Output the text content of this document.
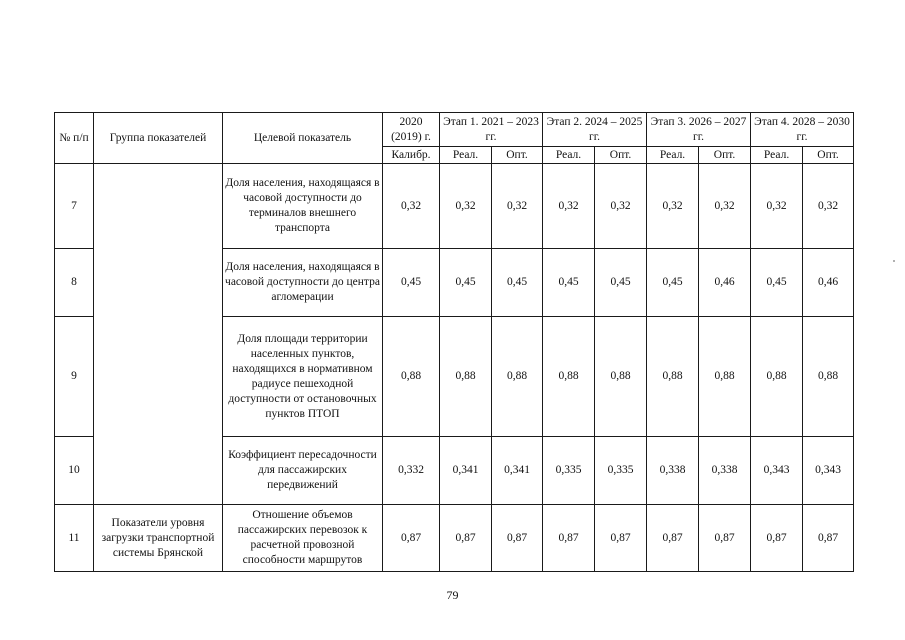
№ п/п	Группа показателей	Целевой показатель	2020 (2019) г.	Этап 1. 2021 – 2023 гг.		Этап 2. 2024 – 2025 гг.		Этап 3. 2026 – 2027 гг.		Этап 4. 2028 – 2030 гг.	
			Калибр.	Реал.	Опт.	Реал.	Опт.	Реал.	Опт.	Реал.	Опт.
7		Доля населения, находящаяся в часовой доступности до терминалов внешнего транспорта	0,32	0,32	0,32	0,32	0,32	0,32	0,32	0,32	0,32
8		Доля населения, находящаяся в часовой доступности до центра агломерации	0,45	0,45	0,45	0,45	0,45	0,45	0,46	0,45	0,46
9		Доля площади территории населенных пунктов, находящихся в нормативном радиусе пешеходной доступности от остановочных пунктов ПТОП	0,88	0,88	0,88	0,88	0,88	0,88	0,88	0,88	0,88
10		Коэффициент пересадочности для пассажирских передвижений	0,332	0,341	0,341	0,335	0,335	0,338	0,338	0,343	0,343
11	Показатели уровня загрузки транспортной системы Брянской	Отношение объемов пассажирских перевозок к расчетной провозной способности маршрутов	0,87	0,87	0,87	0,87	0,87	0,87	0,87	0,87	0,87
79
